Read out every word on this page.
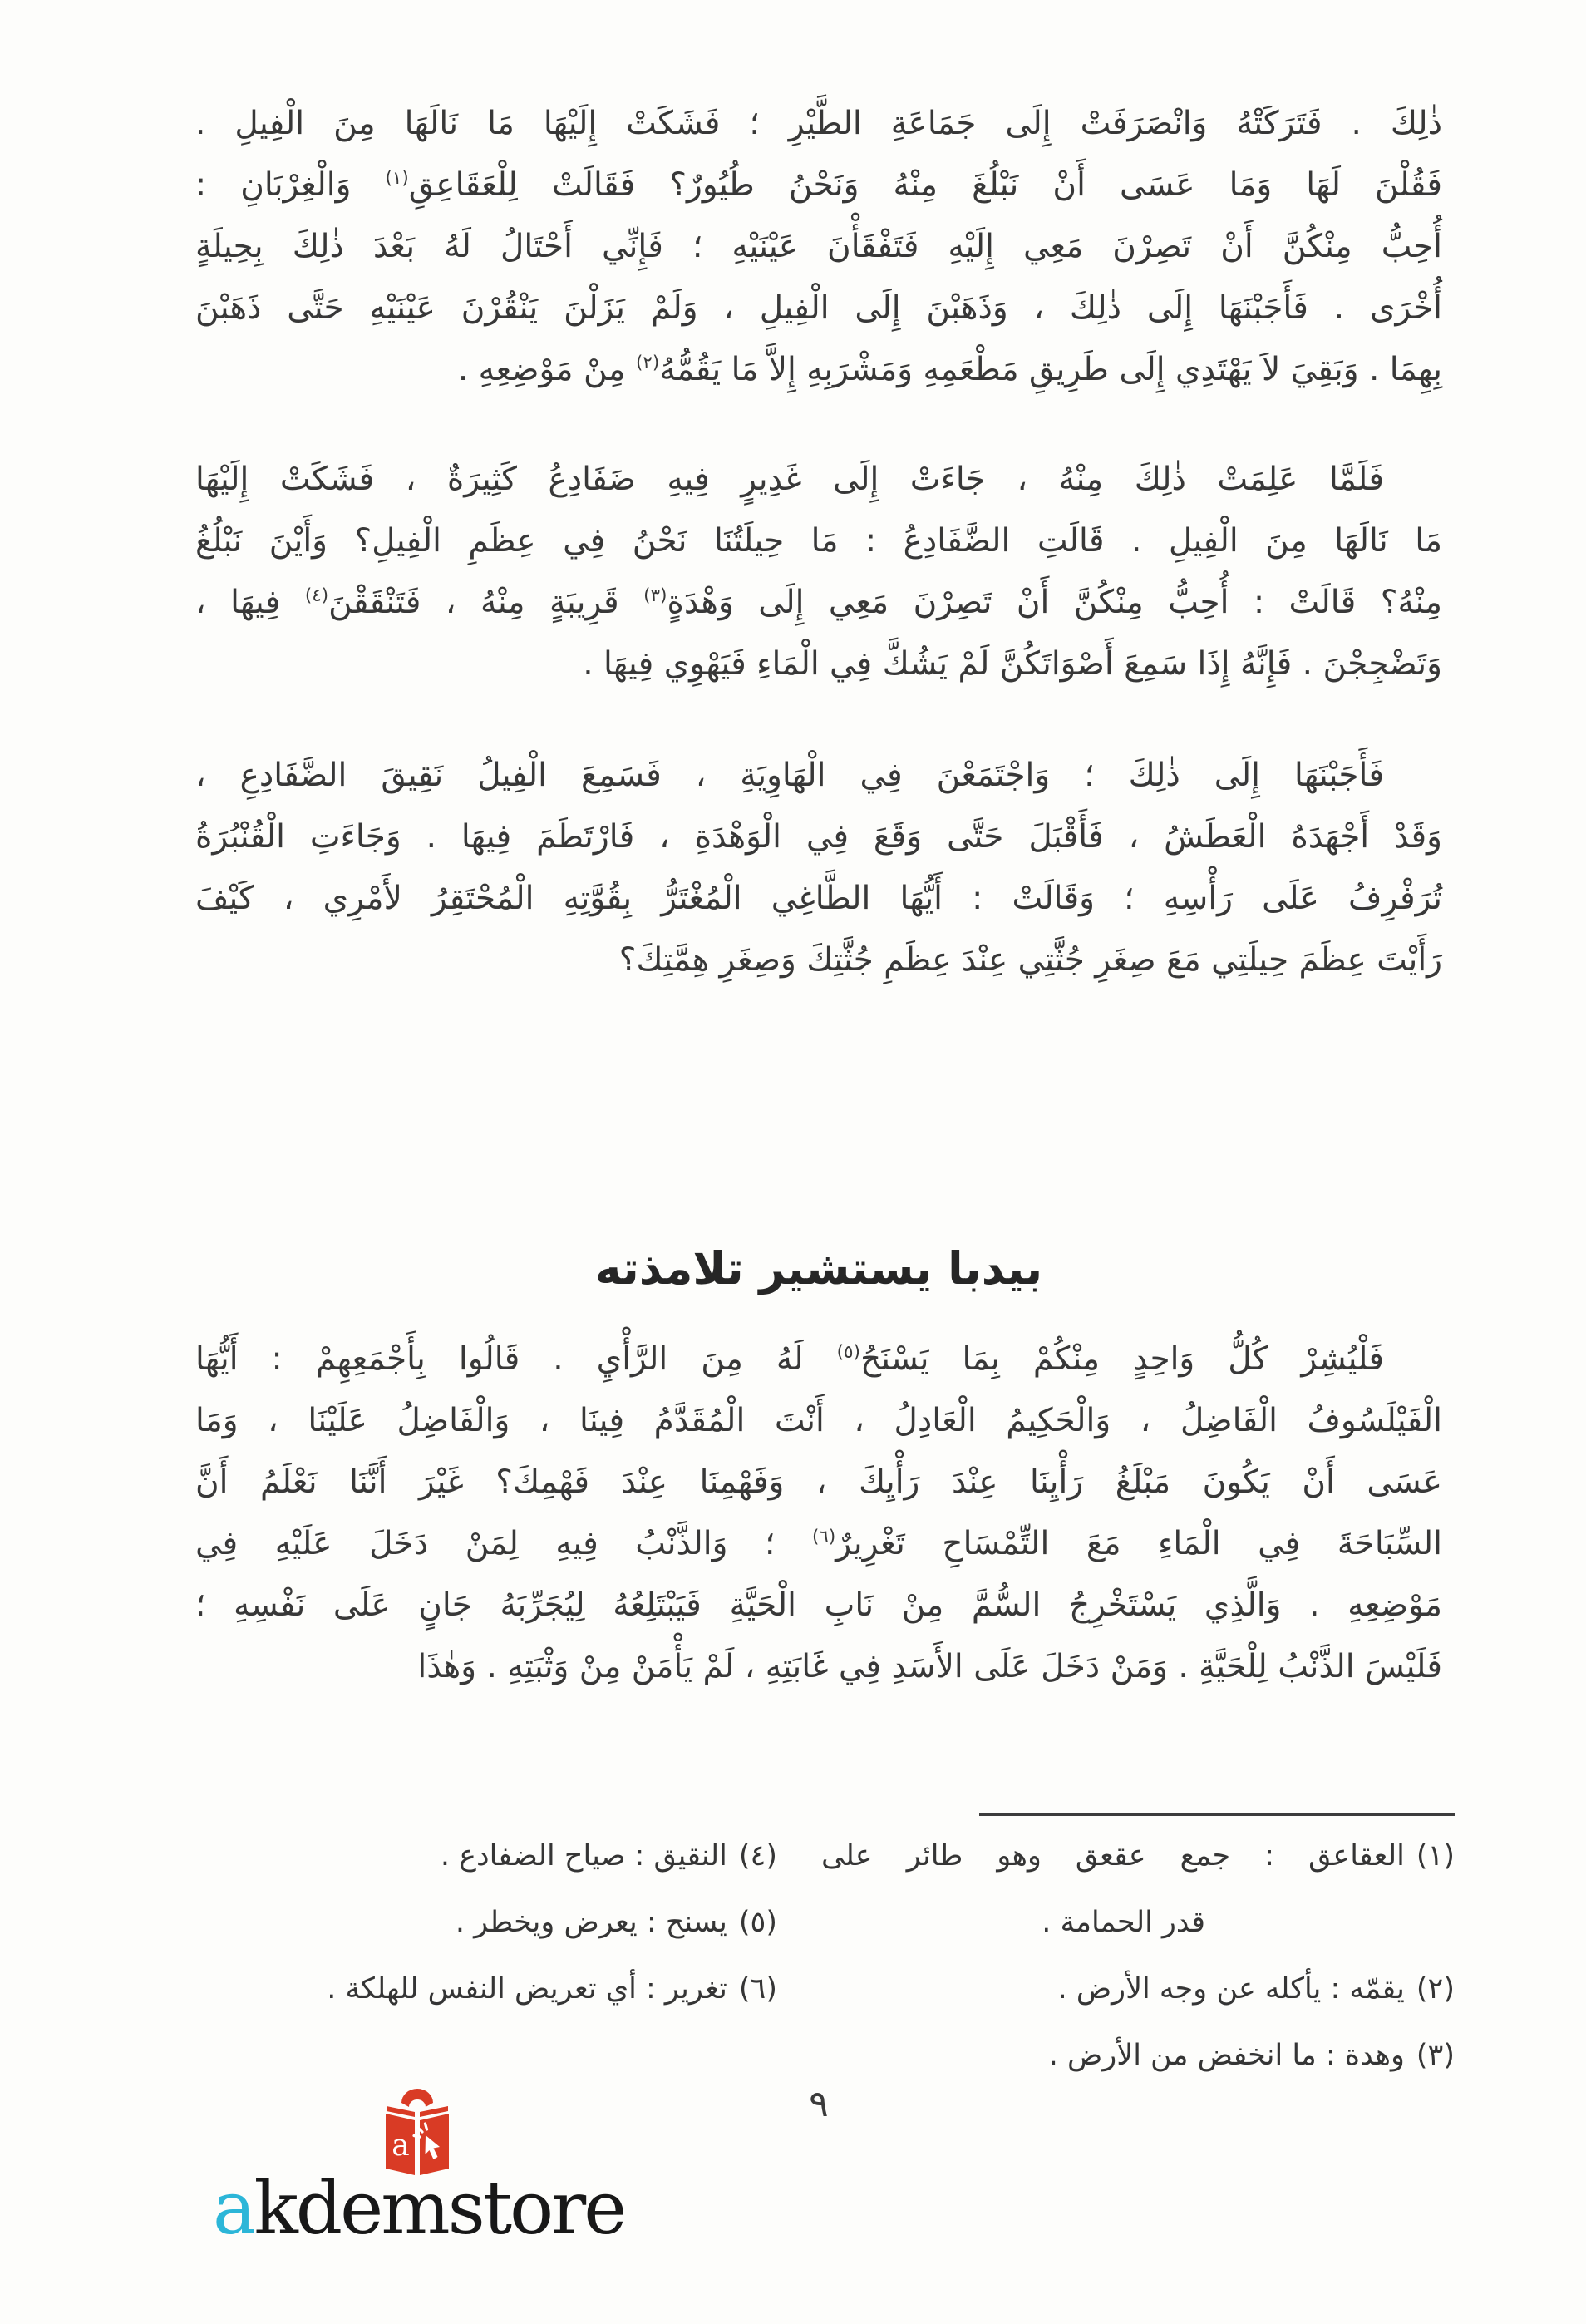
ذٰلِكَ . فَتَرَكَتْهُ وَانْصَرَفَتْ إِلَى جَمَاعَةِ الطَّيْرِ ؛ فَشَكَتْ إِلَيْهَا مَا نَالَهَا مِنَ الْفِيلِ .
فَقُلْنَ لَهَا وَمَا عَسَى أَنْ نَبْلُغَ مِنْهُ وَنَحْنُ طُيُورٌ؟ فَقَالَتْ لِلْعَقَاعِقِ$^{(١)}$ وَالْغِرْبَانِ :
أُحِبُّ مِنْكُنَّ أَنْ تَصِرْنَ مَعِي إِلَيْهِ فَتَفْقَأْنَ عَيْنَيْهِ ؛ فَإِنِّي أَحْتَالُ لَهُ بَعْدَ ذٰلِكَ بِحِيلَةٍ
أُخْرَى . فَأَجَبْنَهَا إِلَى ذٰلِكَ ، وَذَهَبْنَ إِلَى الْفِيلِ ، وَلَمْ يَزَلْنَ يَنْقُرْنَ عَيْنَيْهِ حَتَّى ذَهَبْنَ
بِهِمَا . وَبَقِيَ لاَ يَهْتَدِي إِلَى طَرِيقِ مَطْعَمِهِ وَمَشْرَبِهِ إِلاَّ مَا يَقُمُّهُ$^{(٢)}$ مِنْ مَوْضِعِهِ .
فَلَمَّا عَلِمَتْ ذٰلِكَ مِنْهُ ، جَاءَتْ إِلَى غَدِيرٍ فِيهِ ضَفَادِعُ كَثِيرَةٌ ، فَشَكَتْ إِلَيْهَا
مَا نَالَهَا مِنَ الْفِيلِ . قَالَتِ الضَّفَادِعُ : مَا حِيلَتُنَا نَحْنُ فِي عِظَمِ الْفِيلِ؟ وَأَيْنَ نَبْلُغُ
مِنْهُ؟ قَالَتْ : أُحِبُّ مِنْكُنَّ أَنْ تَصِرْنَ مَعِي إِلَى وَهْدَةٍ$^{(٣)}$ قَرِيبَةٍ مِنْهُ ، فَتَنْقَقْنَ$^{(٤)}$ فِيهَا ،
وَتَضْجِجْنَ . فَإِنَّهُ إِذَا سَمِعَ أَصْوَاتَكُنَّ لَمْ يَشُكَّ فِي الْمَاءِ فَيَهْوِي فِيهَا .
فَأَجَبْنَهَا إِلَى ذٰلِكَ ؛ وَاجْتَمَعْنَ فِي الْهَاوِيَةِ ، فَسَمِعَ الْفِيلُ نَقِيقَ الضَّفَادِعِ ،
وَقَدْ أَجْهَدَهُ الْعَطَشُ ، فَأَقْبَلَ حَتَّى وَقَعَ فِي الْوَهْدَةِ ، فَارْتَطَمَ فِيهَا . وَجَاءَتِ الْقُنْبُرَةُ
تُرَفْرِفُ عَلَى رَأْسِهِ ؛ وَقَالَتْ : أَيُّهَا الطَّاغِي الْمُغْتَرُّ بِقُوَّتِهِ الْمُحْتَقِرُ لأَمْرِي ، كَيْفَ
رَأَيْتَ عِظَمَ حِيلَتِي مَعَ صِغَرِ جُثَّتِي عِنْدَ عِظَمِ جُثَّتِكَ وَصِغَرِ هِمَّتِكَ؟
بيدبا يستشير تلامذته
فَلْيُشِرْ كُلُّ وَاحِدٍ مِنْكُمْ بِمَا يَسْنَحُ$^{(٥)}$ لَهُ مِنَ الرَّأْيِ . قَالُوا بِأَجْمَعِهِمْ : أَيُّهَا
الْفَيْلَسُوفُ الْفَاضِلُ ، وَالْحَكِيمُ الْعَادِلُ ، أَنْتَ الْمُقَدَّمُ فِينَا ، وَالْفَاضِلُ عَلَيْنَا ، وَمَا
عَسَى أَنْ يَكُونَ مَبْلَغُ رَأْيِنَا عِنْدَ رَأْيِكَ ، وَفَهْمِنَا عِنْدَ فَهْمِكَ؟ غَيْرَ أَنَّنَا نَعْلَمُ أَنَّ
السِّبَاحَةَ فِي الْمَاءِ مَعَ التِّمْسَاحِ تَغْرِيرٌ$^{(٦)}$ ؛ وَالذَّنْبُ فِيهِ لِمَنْ دَخَلَ عَلَيْهِ فِي
مَوْضِعِهِ . وَالَّذِي يَسْتَخْرِجُ السُّمَّ مِنْ نَابِ الْحَيَّةِ فَيَبْتَلِعُهُ لِيُجَرِّبَهُ جَانٍ عَلَى نَفْسِهِ ؛
فَلَيْسَ الذَّنْبُ لِلْحَيَّةِ . وَمَنْ دَخَلَ عَلَى الأَسَدِ فِي غَابَتِهِ ، لَمْ يَأْمَنْ مِنْ وَثْبَتِهِ . وَهٰذَا
(١)العقاعق : جمع عقعق وهو طائر على
قدر الحمامة .
(٢)يقمّه : يأكله عن وجه الأرض .
(٣)وهدة : ما انخفض من الأرض .
(٤)النقيق : صياح الضفادع .
(٥)يسنح : يعرض ويخطر .
(٦)تغرير : أي تعريض النفس للهلكة .
٩
a
akdemstore
